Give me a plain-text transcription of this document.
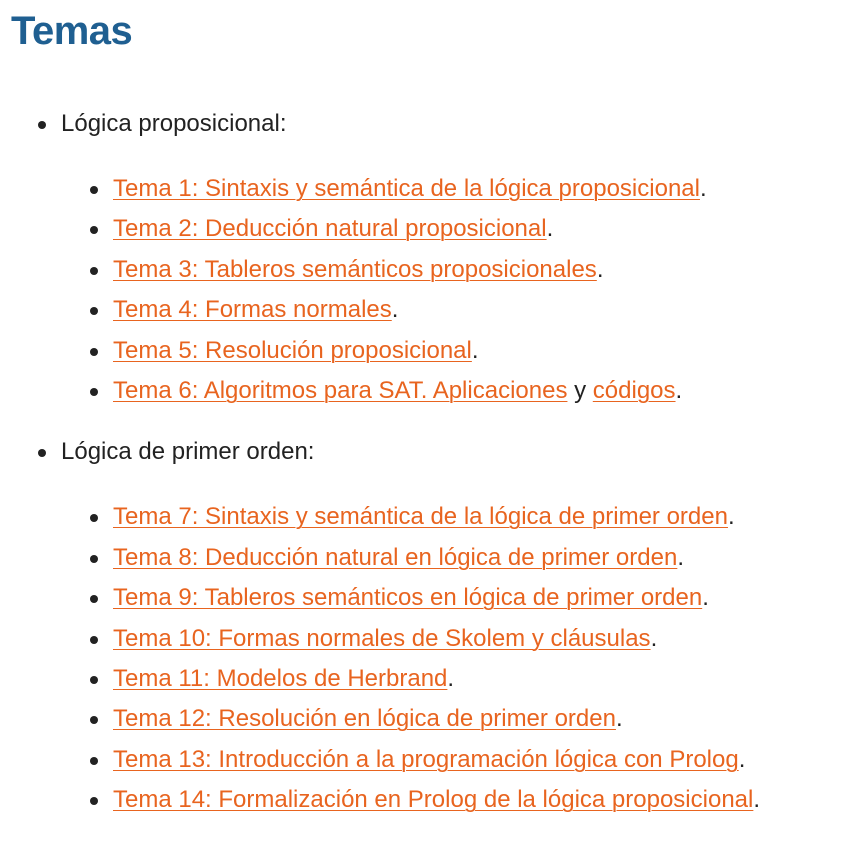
Temas
Lógica proposicional:
Tema 1: Sintaxis y semántica de la lógica proposicional.
Tema 2: Deducción natural proposicional.
Tema 3: Tableros semánticos proposicionales.
Tema 4: Formas normales.
Tema 5: Resolución proposicional.
Tema 6: Algoritmos para SAT. Aplicaciones y códigos.
Lógica de primer orden:
Tema 7: Sintaxis y semántica de la lógica de primer orden.
Tema 8: Deducción natural en lógica de primer orden.
Tema 9: Tableros semánticos en lógica de primer orden.
Tema 10: Formas normales de Skolem y cláusulas.
Tema 11: Modelos de Herbrand.
Tema 12: Resolución en lógica de primer orden.
Tema 13: Introducción a la programación lógica con Prolog.
Tema 14: Formalización en Prolog de la lógica proposicional.
